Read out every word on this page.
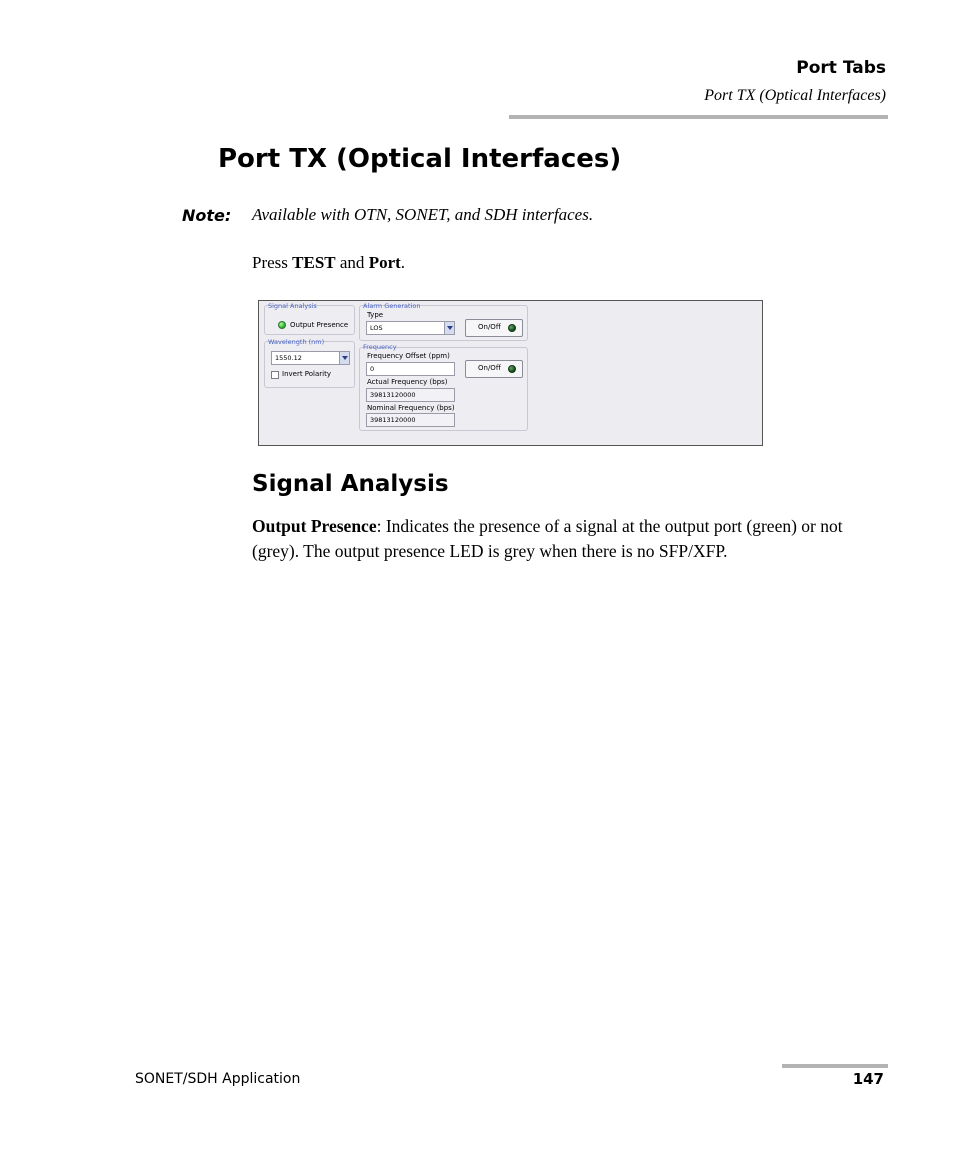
Port Tabs
Port TX (Optical Interfaces)
Port TX (Optical Interfaces)
Note: Available with OTN, SONET, and SDH interfaces.
Press TEST and Port.
Output Presence
Signal Analysis
1550.12
Invert Polarity
Wavelength (nm)
Type
LOS	On/Off
Alarm Generation
Frequency Offset (ppm)
0	On/Off
Actual Frequency (bps)
39813120000
Nominal Frequency (bps)
39813120000
Frequency
Signal Analysis

Output Presence: Indicates the presence of a signal at the output port (green) or not (grey). The output presence LED is grey when there is no SFP/XFP.

SONET/SDH Application	147
